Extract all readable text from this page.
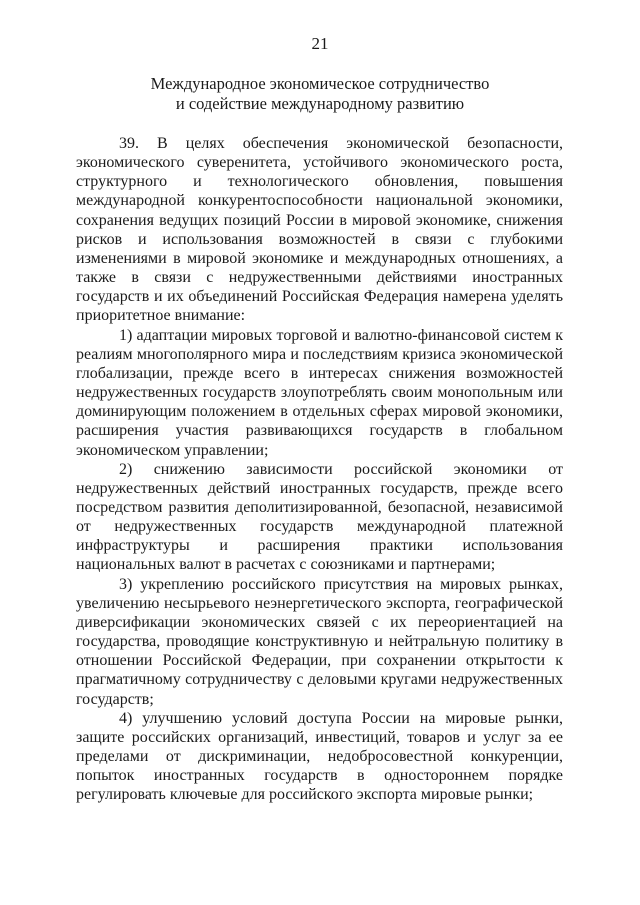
21
Международное экономическое сотрудничество
и содействие международному развитию

39. В целях обеспечения экономической безопасности, экономического суверенитета, устойчивого экономического роста, структурного и технологического обновления, повышения международной конкурентоспособности национальной экономики, сохранения ведущих позиций России в мировой экономике, снижения рисков и использования возможностей в связи с глубокими изменениями в мировой экономике и международных отношениях, а также в связи с недружественными действиями иностранных государств и их объединений Российская Федерация намерена уделять приоритетное внимание:

1) адаптации мировых торговой и валютно-финансовой систем к реалиям многополярного мира и последствиям кризиса экономической глобализации, прежде всего в интересах снижения возможностей недружественных государств злоупотреблять своим монопольным или доминирующим положением в отдельных сферах мировой экономики, расширения участия развивающихся государств в глобальном экономическом управлении;

2) снижению зависимости российской экономики от недружественных действий иностранных государств, прежде всего посредством развития деполитизированной, безопасной, независимой от недружественных государств международной платежной инфраструктуры и расширения практики использования национальных валют в расчетах с союзниками и партнерами;

3) укреплению российского присутствия на мировых рынках, увеличению несырьевого неэнергетического экспорта, географической диверсификации экономических связей с их переориентацией на государства, проводящие конструктивную и нейтральную политику в отношении Российской Федерации, при сохранении открытости к прагматичному сотрудничеству с деловыми кругами недружественных государств;

4) улучшению условий доступа России на мировые рынки, защите российских организаций, инвестиций, товаров и услуг за ее пределами от дискриминации, недобросовестной конкуренции, попыток иностранных государств в одностороннем порядке регулировать ключевые для российского экспорта мировые рынки;
